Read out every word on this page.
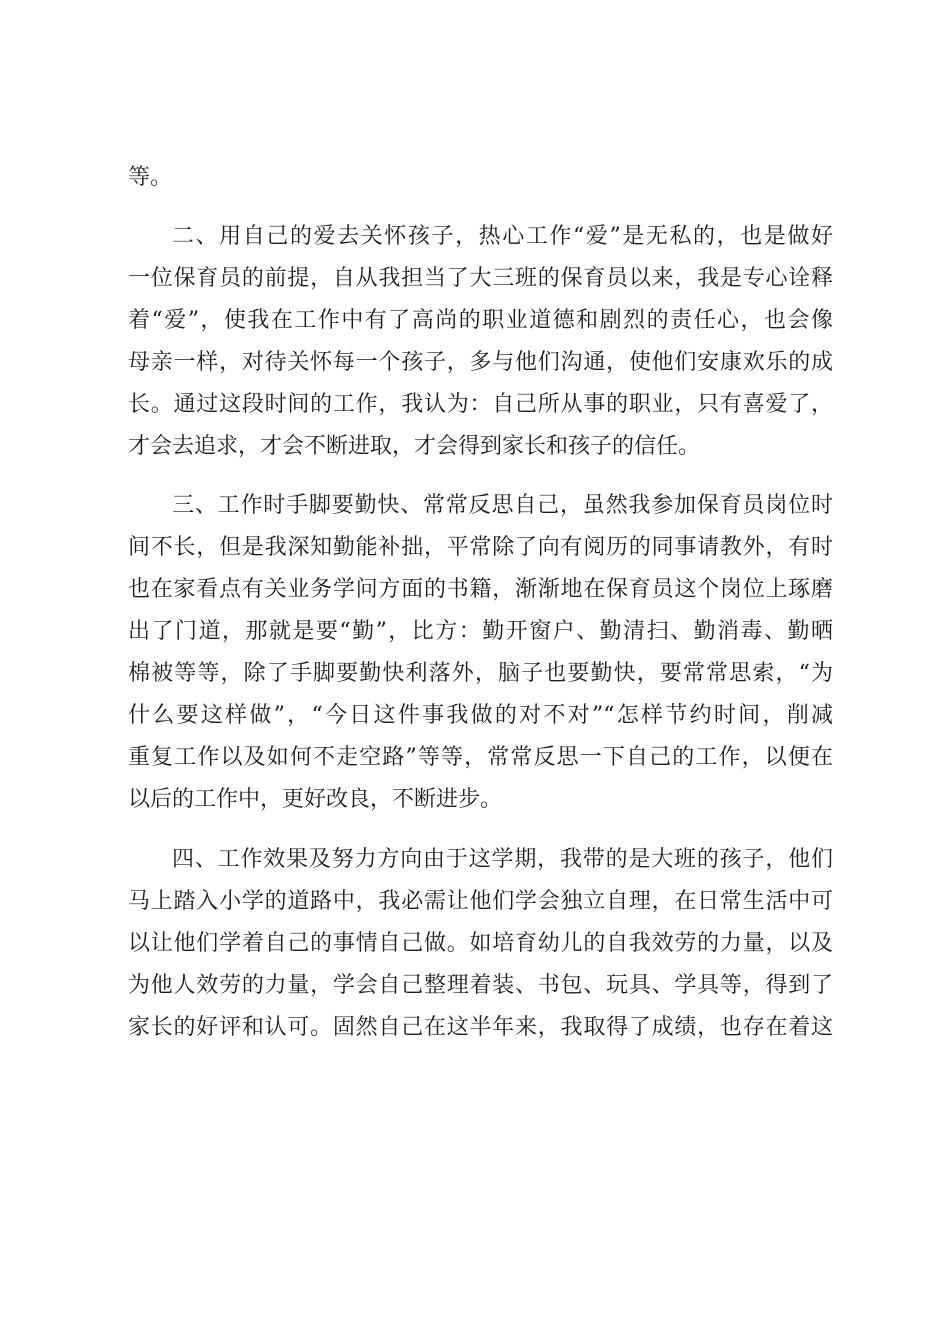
等。
二、用自己的爱去关怀孩子，热心工作“爱”是无私的，也是做好
一位保育员的前提，自从我担当了大三班的保育员以来，我是专心诠释
着“爱”，使我在工作中有了高尚的职业道德和剧烈的责任心，也会像
母亲一样，对待关怀每一个孩子，多与他们沟通，使他们安康欢乐的成
长。通过这段时间的工作，我认为：自己所从事的职业，只有喜爱了，
才会去追求，才会不断进取，才会得到家长和孩子的信任。
三、工作时手脚要勤快、常常反思自己，虽然我参加保育员岗位时
间不长，但是我深知勤能补拙，平常除了向有阅历的同事请教外，有时
也在家看点有关业务学问方面的书籍，渐渐地在保育员这个岗位上琢磨
出了门道，那就是要“勤”，比方：勤开窗户、勤清扫、勤消毒、勤晒
棉被等等，除了手脚要勤快利落外，脑子也要勤快，要常常思索，“为
什么要这样做”，“今日这件事我做的对不对”“怎样节约时间，削减
重复工作以及如何不走空路”等等，常常反思一下自己的工作，以便在
以后的工作中，更好改良，不断进步。
四、工作效果及努力方向由于这学期，我带的是大班的孩子，他们
马上踏入小学的道路中，我必需让他们学会独立自理，在日常生活中可
以让他们学着自己的事情自己做。如培育幼儿的自我效劳的力量，以及
为他人效劳的力量，学会自己整理着装、书包、玩具、学具等，得到了
家长的好评和认可。固然自己在这半年来，我取得了成绩，也存在着这
